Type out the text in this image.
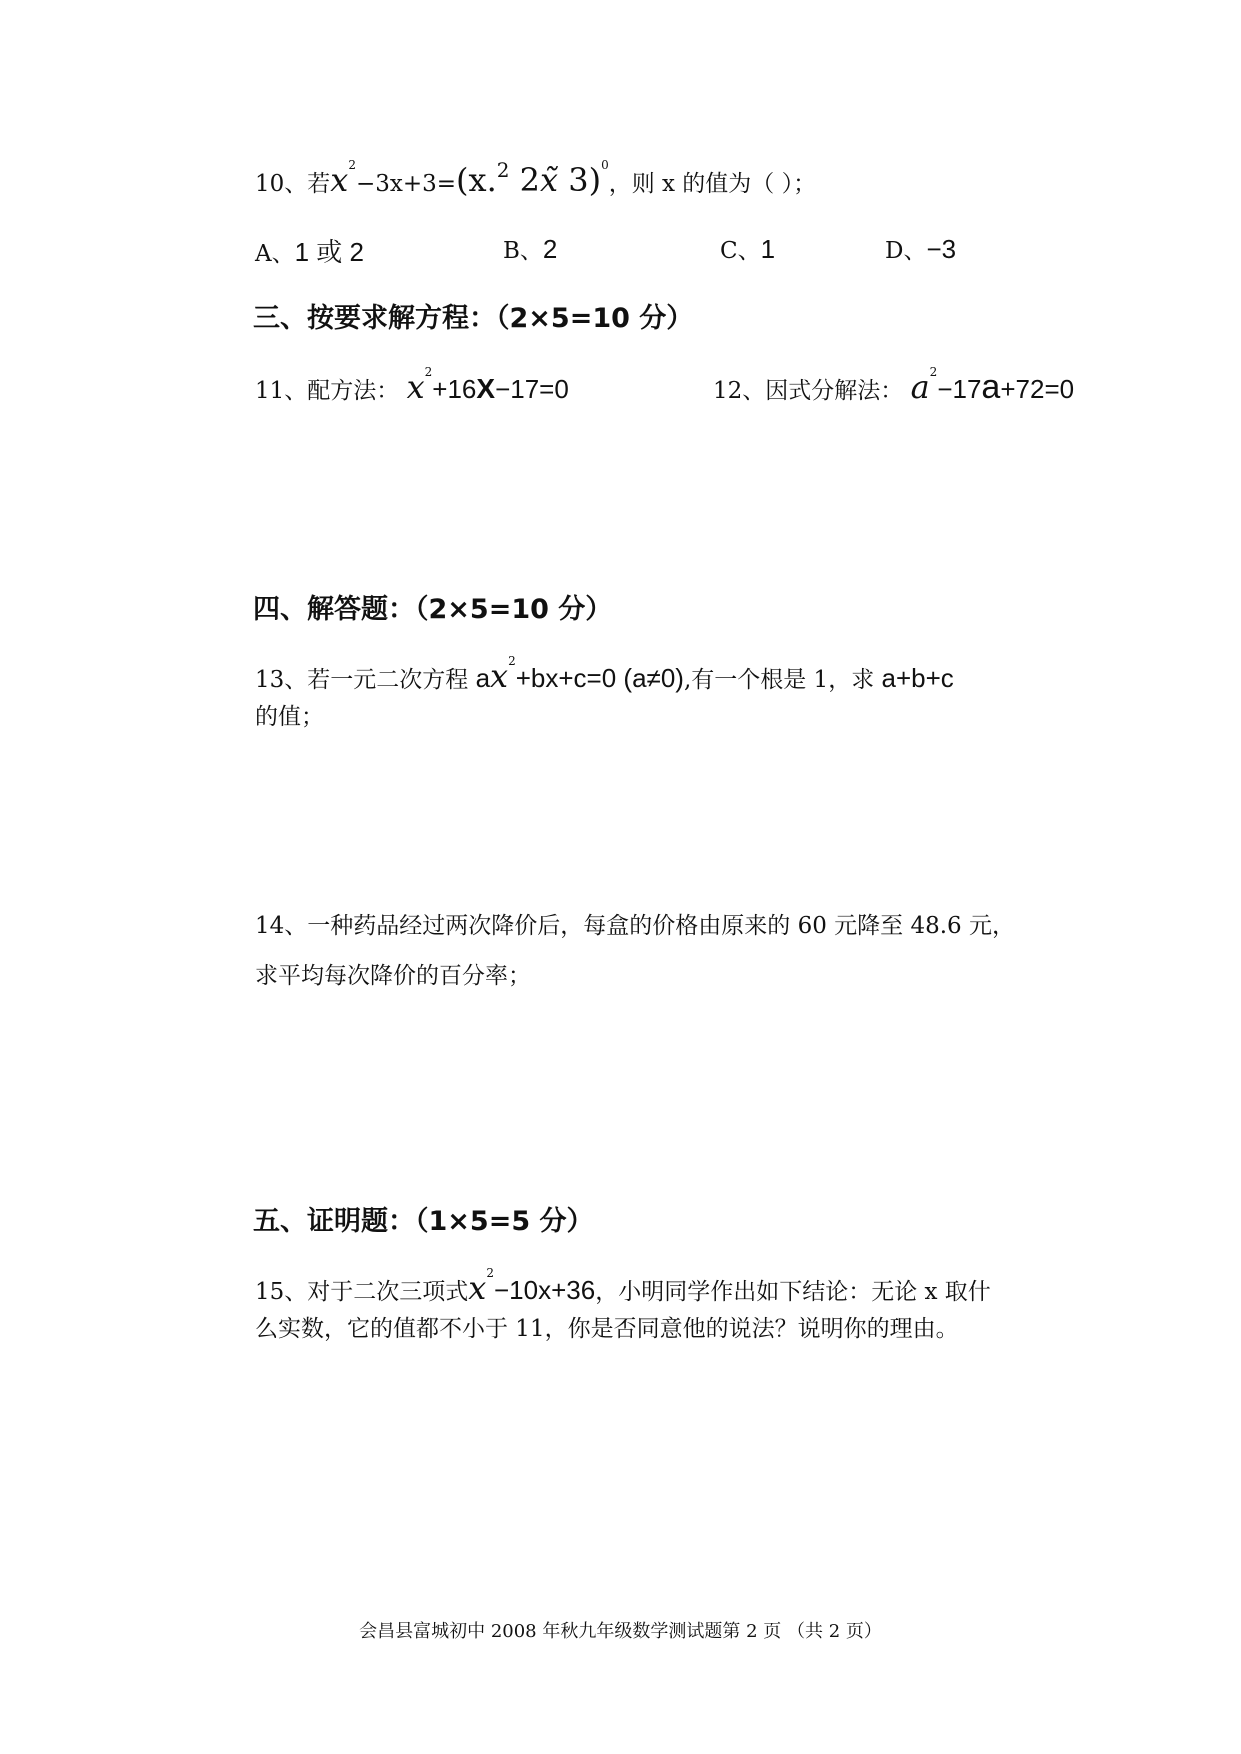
10、若$x^2-3x+3=(x.^2$ 2x̃ 3)$^0$，则 x 的值为（ ）；
A、1 或 2	B、2	C、1	D、−3
三、按要求解方程：（2×5=10 分）
11、配方法： $x^2+16X-17=0$	12、因式分解法： $a^2-17a+72=0$
四、解答题：（2×5=10 分）
13、若一元二次方程 $ax^2+bx+c=0$ (a≠0),有一个根是 1，求 a+b+c
的值；
14、一种药品经过两次降价后，每盒的价格由原来的 60 元降至 48.6 元，
求平均每次降价的百分率；
五、证明题：（1×5=5 分）
15、对于二次三项式$x^2-10x+36$，小明同学作出如下结论：无论 x 取什
么实数，它的值都不小于 11，你是否同意他的说法？说明你的理由。
会昌县富城初中 2008 年秋九年级数学测试题第 2 页 （共 2 页）
